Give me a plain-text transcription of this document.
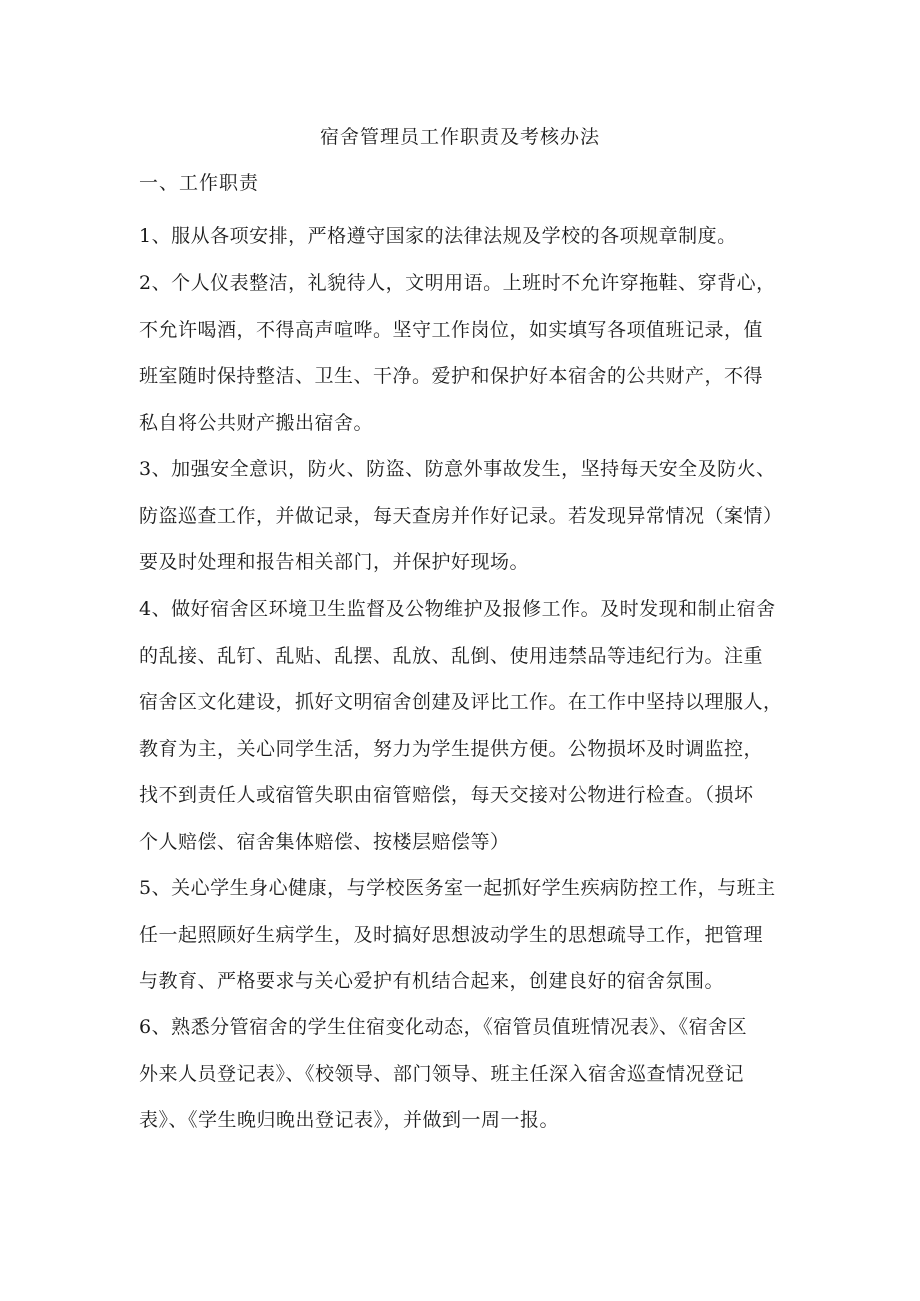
宿舍管理员工作职责及考核办法
一、工作职责
1、服从各项安排，严格遵守国家的法律法规及学校的各项规章制度。
2、个人仪表整洁，礼貌待人，文明用语。上班时不允许穿拖鞋、穿背心，
不允许喝酒，不得高声喧哗。坚守工作岗位，如实填写各项值班记录，值
班室随时保持整洁、卫生、干净。爱护和保护好本宿舍的公共财产，不得
私自将公共财产搬出宿舍。
3、加强安全意识，防火、防盗、防意外事故发生，坚持每天安全及防火、
防盗巡查工作，并做记录，每天查房并作好记录。若发现异常情况（案情）
要及时处理和报告相关部门，并保护好现场。
4、做好宿舍区环境卫生监督及公物维护及报修工作。及时发现和制止宿舍
的乱接、乱钉、乱贴、乱摆、乱放、乱倒、使用违禁品等违纪行为。注重
宿舍区文化建设，抓好文明宿舍创建及评比工作。在工作中坚持以理服人，
教育为主，关心同学生活，努力为学生提供方便。公物损坏及时调监控，
找不到责任人或宿管失职由宿管赔偿，每天交接对公物进行检查。（损坏
个人赔偿、宿舍集体赔偿、按楼层赔偿等）
5、关心学生身心健康，与学校医务室一起抓好学生疾病防控工作，与班主
任一起照顾好生病学生，及时搞好思想波动学生的思想疏导工作，把管理
与教育、严格要求与关心爱护有机结合起来，创建良好的宿舍氛围。
6、熟悉分管宿舍的学生住宿变化动态，《宿管员值班情况表》、《宿舍区
外来人员登记表》、《校领导、部门领导、班主任深入宿舍巡查情况登记
表》、《学生晚归晚出登记表》，并做到一周一报。
